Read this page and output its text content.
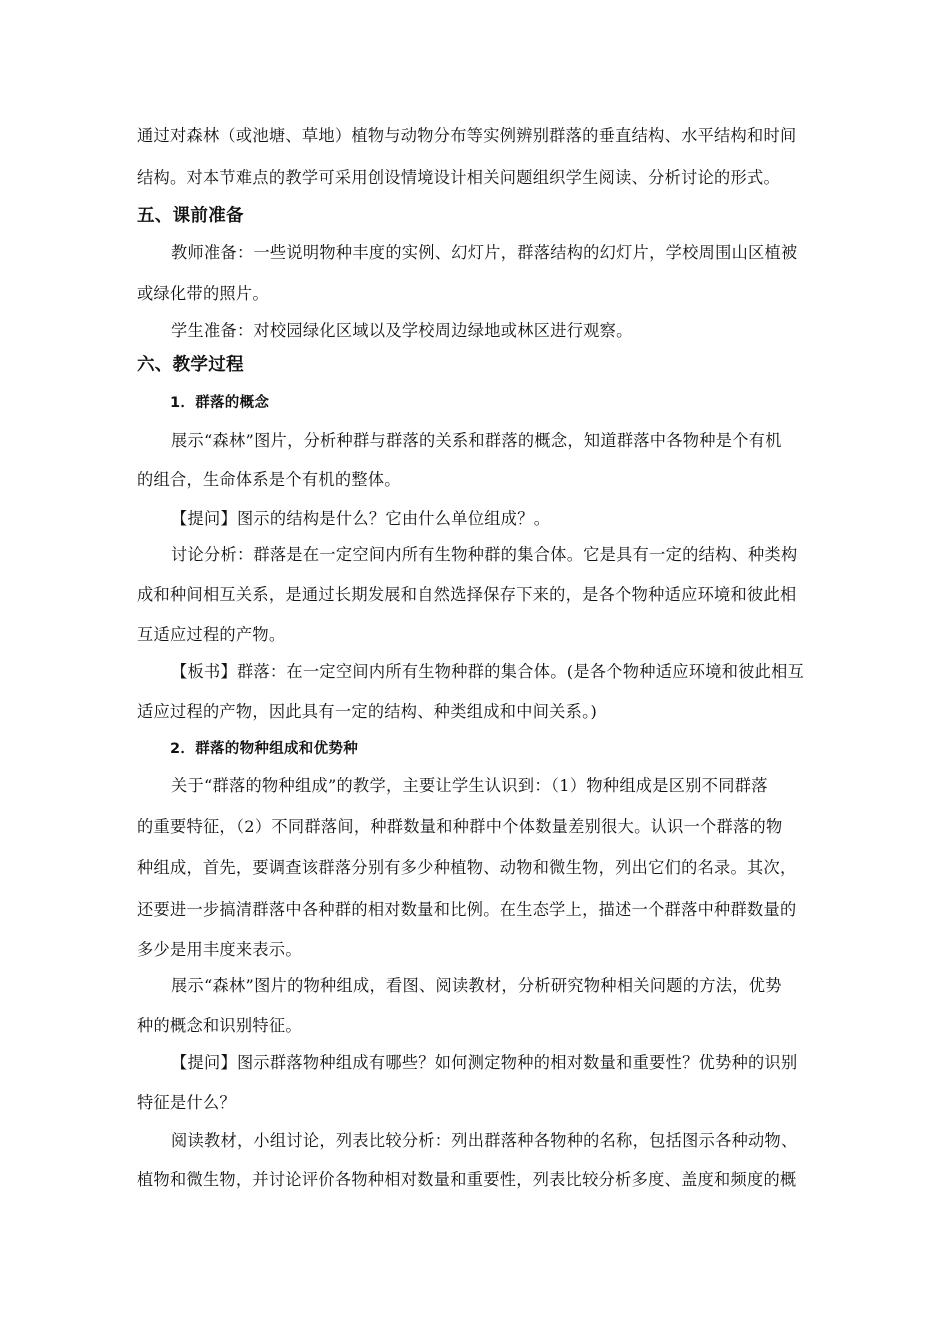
通过对森林（或池塘、草地）植物与动物分布等实例辨别群落的垂直结构、水平结构和时间
结构。对本节难点的教学可采用创设情境设计相关问题组织学生阅读、分析讨论的形式。
五、课前准备
教师准备：一些说明物种丰度的实例、幻灯片，群落结构的幻灯片，学校周围山区植被
或绿化带的照片。
学生准备：对校园绿化区域以及学校周边绿地或林区进行观察。
六、教学过程
1．群落的概念
展示“森林”图片，分析种群与群落的关系和群落的概念，知道群落中各物种是个有机
的组合，生命体系是个有机的整体。
【提问】图示的结构是什么？它由什么单位组成？。
讨论分析：群落是在一定空间内所有生物种群的集合体。它是具有一定的结构、种类构
成和种间相互关系，是通过长期发展和自然选择保存下来的，是各个物种适应环境和彼此相
互适应过程的产物。
【板书】群落：在一定空间内所有生物种群的集合体。(是各个物种适应环境和彼此相互
适应过程的产物，因此具有一定的结构、种类组成和中间关系。)
2．群落的物种组成和优势种
关于“群落的物种组成”的教学，主要让学生认识到：（1）物种组成是区别不同群落
的重要特征，（2）不同群落间，种群数量和种群中个体数量差别很大。认识一个群落的物
种组成，首先，要调查该群落分别有多少种植物、动物和微生物，列出它们的名录。其次，
还要进一步搞清群落中各种群的相对数量和比例。在生态学上，描述一个群落中种群数量的
多少是用丰度来表示。
展示“森林”图片的物种组成，看图、阅读教材，分析研究物种相关问题的方法，优势
种的概念和识别特征。
【提问】图示群落物种组成有哪些？如何测定物种的相对数量和重要性？优势种的识别
特征是什么？
阅读教材，小组讨论，列表比较分析：列出群落种各物种的名称，包括图示各种动物、
植物和微生物，并讨论评价各物种相对数量和重要性，列表比较分析多度、盖度和频度的概
